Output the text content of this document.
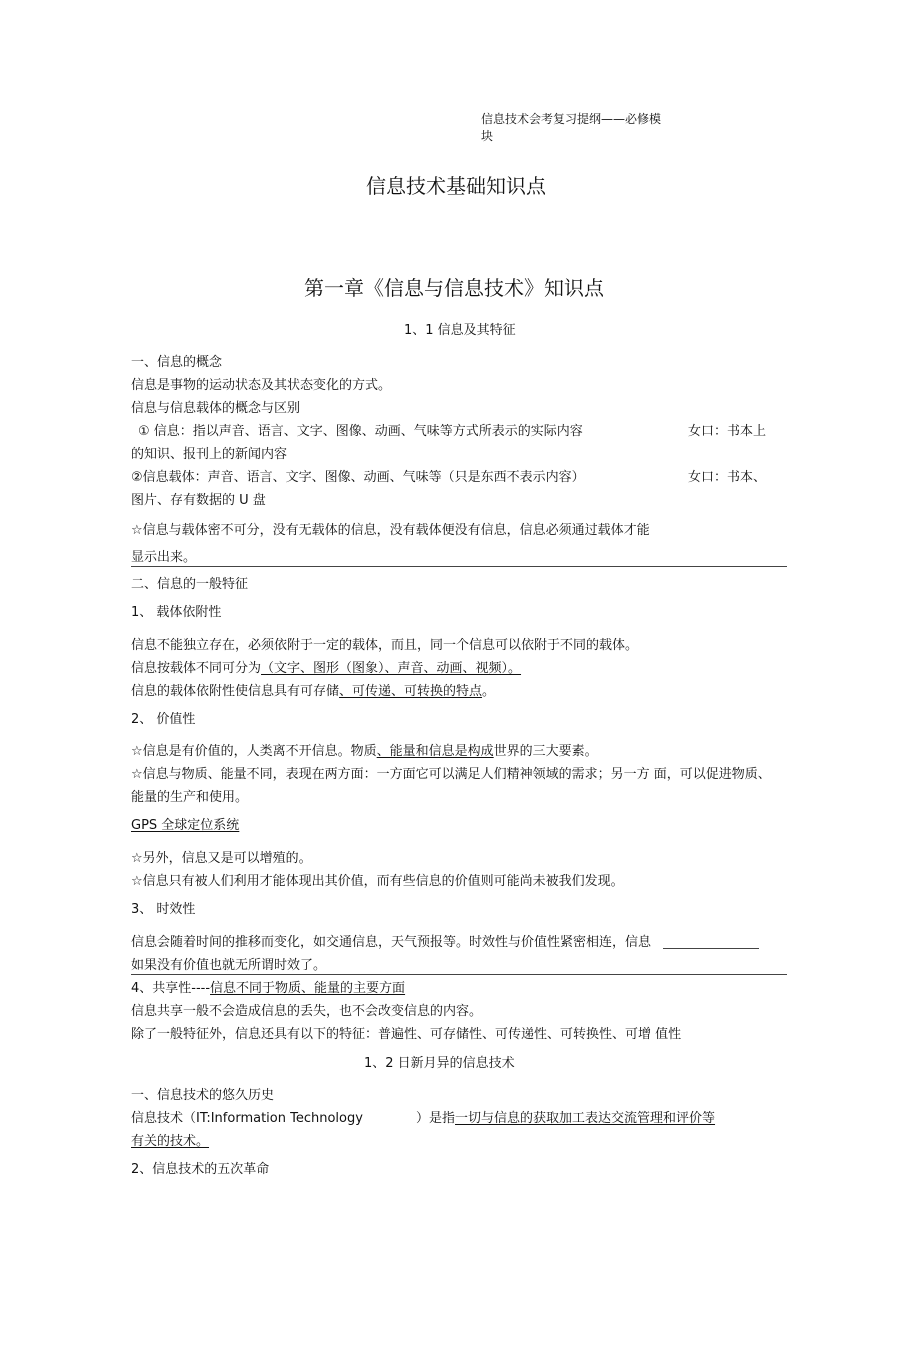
信息技术会考复习提纲——必修模块
信息技术基础知识点
第一章《信息与信息技术》知识点
1、1 信息及其特征
一、信息的概念
信息是事物的运动状态及其状态变化的方式。
信息与信息载体的概念与区别
① 信息：指以声音、语言、文字、图像、动画、气味等方式所表示的实际内容	女口：书本上
的知识、报刊上的新闻内容
②信息载体：声音、语言、文字、图像、动画、气味等（只是东西不表示内容）	女口：书本、
图片、存有数据的 U 盘
☆信息与载体密不可分，没有无载体的信息，没有载体便没有信息，信息必须通过载体才能
显示出来。
二、信息的一般特征
1、 载体依附性
信息不能独立存在，必须依附于一定的载体，而且，同一个信息可以依附于不同的载体。
信息按载体不同可分为（文字、图形（图象）、声音、动画、视频）。
信息的载体依附性使信息具有可存储、可传递、可转换的特点。
2、 价值性
☆信息是有价值的，人类离不开信息。物质、能量和信息是构成世界的三大要素。
☆信息与物质、能量不同，表现在两方面：一方面它可以满足人们精神领域的需求；另一方 面，可以促进物质、
能量的生产和使用。
GPS 全球定位系统
☆另外，信息又是可以增殖的。
☆信息只有被人们利用才能体现出其价值，而有些信息的价值则可能尚未被我们发现。
3、 时效性
信息会随着时间的推移而变化，如交通信息，天气预报等。时效性与价值性紧密相连，信息
如果没有价值也就无所谓时效了。
4、共享性----信息不同于物质、能量的主要方面
信息共享一般不会造成信息的丢失，也不会改变信息的内容。
除了一般特征外，信息还具有以下的特征：普遍性、可存储性、可传递性、可转换性、可增 值性
1、2 日新月异的信息技术
一、信息技术的悠久历史
信息技术（IT:Information Technology	）是指一切与信息的获取加工表达交流管理和评价等
有关的技术。
2、信息技术的五次革命
